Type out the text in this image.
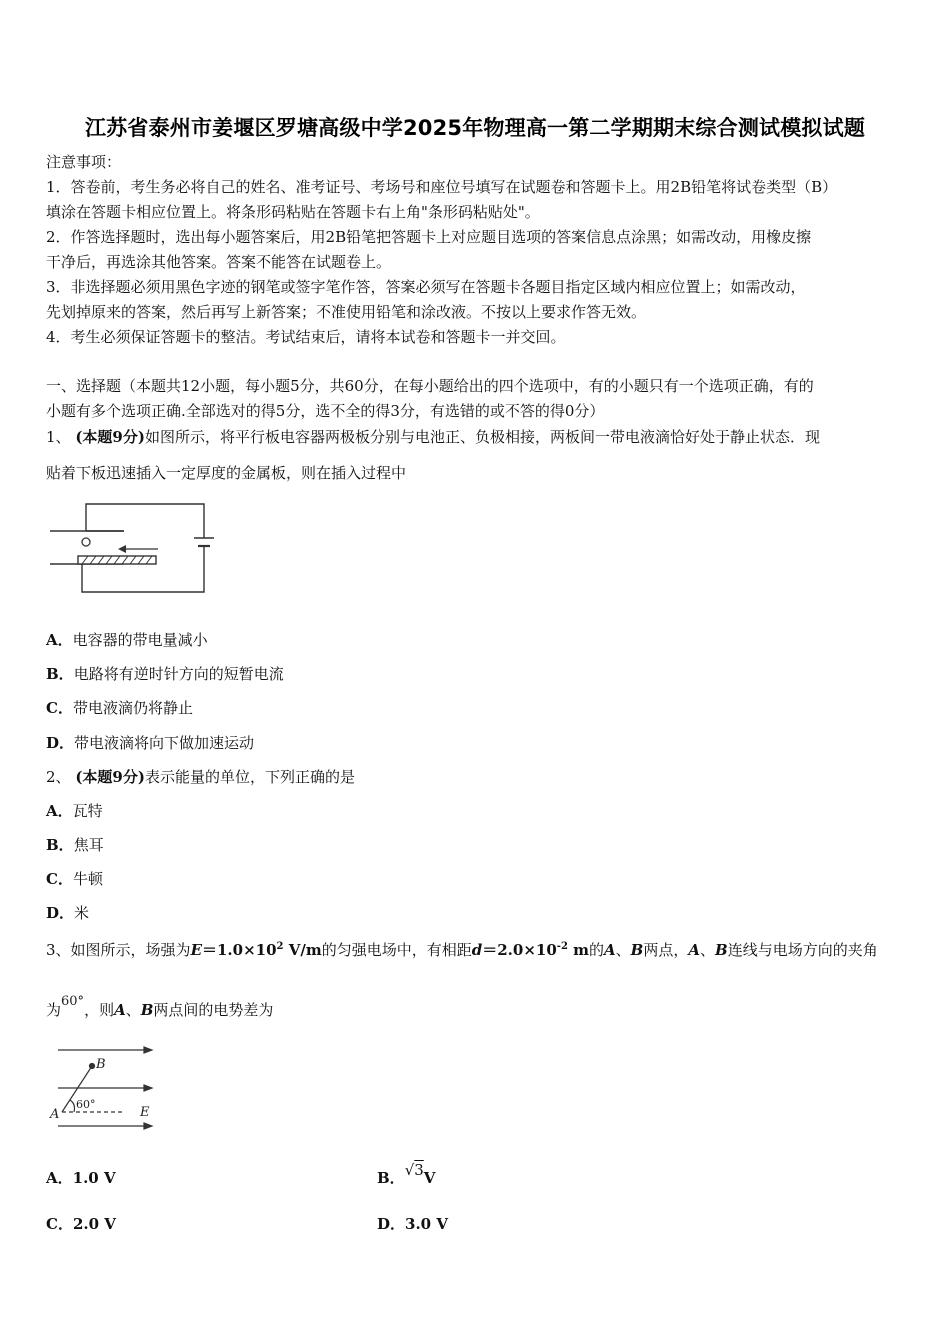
江苏省泰州市姜堰区罗塘高级中学2025年物理高一第二学期期末综合测试模拟试题
注意事项：
1．答卷前，考生务必将自己的姓名、准考证号、考场号和座位号填写在试题卷和答题卡上。用2B铅笔将试卷类型（B）
填涂在答题卡相应位置上。将条形码粘贴在答题卡右上角"条形码粘贴处"。
2．作答选择题时，选出每小题答案后，用2B铅笔把答题卡上对应题目选项的答案信息点涂黑；如需改动，用橡皮擦
干净后，再选涂其他答案。答案不能答在试题卷上。
3．非选择题必须用黑色字迹的钢笔或签字笔作答，答案必须写在答题卡各题目指定区域内相应位置上；如需改动，
先划掉原来的答案，然后再写上新答案；不准使用铅笔和涂改液。不按以上要求作答无效。
4．考生必须保证答题卡的整洁。考试结束后，请将本试卷和答题卡一并交回。
一、选择题（本题共12小题，每小题5分，共60分，在每小题给出的四个选项中，有的小题只有一个选项正确，有的
小题有多个选项正确.全部选对的得5分，选不全的得3分，有选错的或不答的得0分）
1、 (本题9分)如图所示，将平行板电容器两极板分别与电池正、负极相接，两板间一带电液滴恰好处于静止状态．现
贴着下板迅速插入一定厚度的金属板，则在插入过程中
A．电容器的带电量减小
B．电路将有逆时针方向的短暂电流
C．带电液滴仍将静止
D．带电液滴将向下做加速运动
2、 (本题9分)表示能量的单位，下列正确的是
A．瓦特
B．焦耳
C．牛顿
D．米
3、如图所示，场强为$E=1.0\times 10^2$ V/m的匀强电场中，有相距$d=2.0\times 10^{-2}$ m的A、B两点，A、B连线与电场方向的夹角
为60°，则A、B两点间的电势差为
B
A	E
60°
A．1.0 V	B．√3V
C．2.0 V	D．3.0 V
